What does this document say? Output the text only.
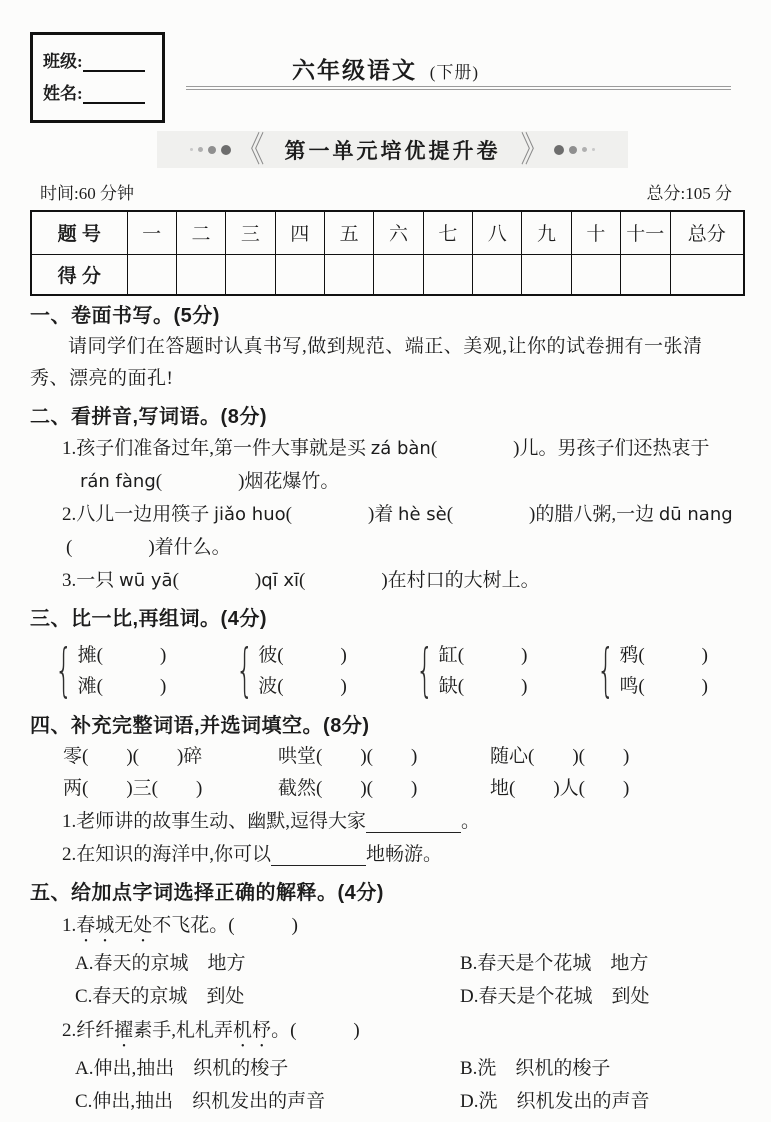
班级:
姓名:
六年级语文 (下册)
《
第一单元培优提升卷
》
时间:60 分钟	总分:105 分
题 号	一	二	三	四	五	六	七	八	九	十	十一	总分
得 分												
一、卷面书写。(5分)
请同学们在答题时认真书写,做到规范、端正、美观,让你的试卷拥有一张清秀、漂亮的面孔!
二、看拼音,写词语。(8分)
1.孩子们准备过年,第一件大事就是买 zá bàn(　　　　)儿。男孩子们还热衷于
rán fàng(　　　　)烟花爆竹。
2.八儿一边用筷子 jiǎo huo(　　　　)着 hè sè(　　　　)的腊八粥,一边 dū nang
(　　　　)着什么。
3.一只 wū yā(　　　　)qī xī(　　　　)在村口的大树上。
三、比一比,再组词。(4分)
{
摊(　　　)
滩(　　　)
{
彼(　　　)
波(　　　)
{
缸(　　　)
缺(　　　)
{
鸦(　　　)
鸣(　　　)
四、补充完整词语,并选词填空。(8分)
零(　　)(　　)碎	哄堂(　　)(　　)	随心(　　)(　　)
两(　　)三(　　)	截然(　　)(　　)	地(　　)人(　　)
1.老师讲的故事生动、幽默,逗得大家　　　　　	。
2.在知识的海洋中,你可以　　　　　	地畅游。
五、给加点字词选择正确的解释。(4分)
1.春城无处不飞花。(　　　)
A.春天的京城　地方	B.春天是个花城　地方
C.春天的京城　到处	D.春天是个花城　到处
2.纤纤擢素手,札札弄机杼。(　　　)
A.伸出,抽出　织机的梭子	B.洗　织机的梭子
C.伸出,抽出　织机发出的声音	D.洗　织机发出的声音
